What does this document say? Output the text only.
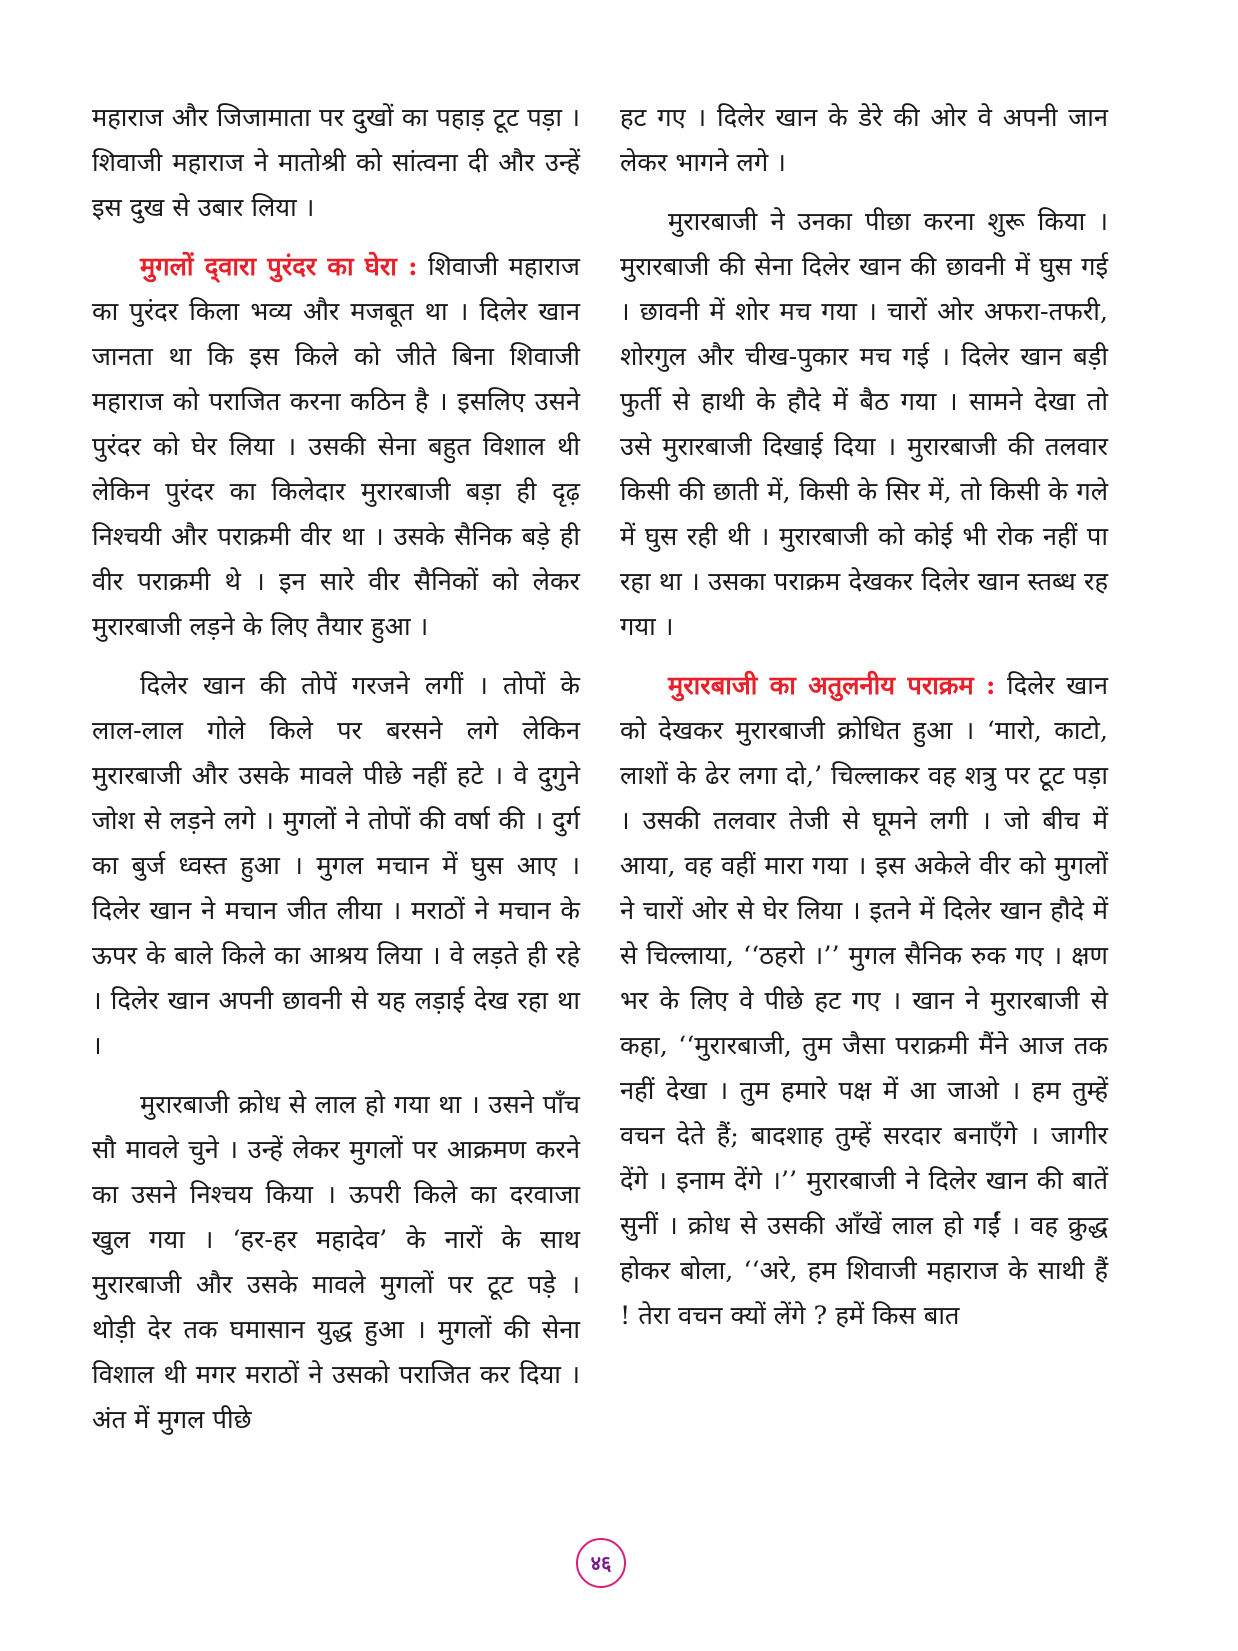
महाराज और जिजामाता पर दुखों का पहाड़ टूट पड़ा । शिवाजी महाराज ने मातोश्री को सांत्वना दी और उन्हें इस दुख से उबार लिया ।

मुगलों द्‌वारा पुरंदर का घेरा : शिवाजी महाराज का पुरंदर किला भव्य और मजबूत था । दिलेर खान जानता था कि इस किले को जीते बिना शिवाजी महाराज को पराजित करना कठिन है । इसलिए उसने पुरंदर को घेर लिया । उसकी सेना बहुत विशाल थी लेकिन पुरंदर का किलेदार मुरारबाजी बड़ा ही दृढ़ निश्चयी और पराक्रमी वीर था । उसके सैनिक बड़े ही वीर पराक्रमी थे । इन सारे वीर सैनिकों को लेकर मुरारबाजी लड़ने के लिए तैयार हुआ ।

दिलेर खान की तोपें गरजने लगीं । तोपों के लाल-लाल गोले किले पर बरसने लगे लेकिन मुरारबाजी और उसके मावले पीछे नहीं हटे । वे दुगुने जोश से लड़ने लगे । मुगलों ने तोपों की वर्षा की । दुर्ग का बुर्ज ध्वस्त हुआ । मुगल मचान में घुस आए । दिलेर खान ने मचान जीत लीया । मराठों ने मचान के ऊपर के बाले किले का आश्रय लिया । वे लड़ते ही रहे । दिलेर खान अपनी छावनी से यह लड़ाई देख रहा था ।

मुरारबाजी क्रोध से लाल हो गया था । उसने पाँच सौ मावले चुने । उन्हें लेकर मुगलों पर आक्रमण करने का उसने निश्चय किया । ऊपरी किले का दरवाजा खुल गया । ‘हर-हर महादेव’ के नारों के साथ मुरारबाजी और उसके मावले मुगलों पर टूट पड़े । थोड़ी देर तक घमासान युद्ध हुआ । मुगलों की सेना विशाल थी मगर मराठों ने उसको पराजित कर दिया । अंत में मुगल पीछे

हट गए । दिलेर खान के डेरे की ओर वे अपनी जान लेकर भागने लगे ।

मुरारबाजी ने उनका पीछा करना शुरू किया । मुरारबाजी की सेना दिलेर खान की छावनी में घुस गई । छावनी में शोर मच गया । चारों ओर अफरा-तफरी, शोरगुल और चीख-पुकार मच गई । दिलेर खान बड़ी फुर्ती से हाथी के हौदे में बैठ गया । सामने देखा तो उसे मुरारबाजी दिखाई दिया । मुरारबाजी की तलवार किसी की छाती में, किसी के सिर में, तो किसी के गले में घुस रही थी । मुरारबाजी को कोई भी रोक नहीं पा रहा था । उसका पराक्रम देखकर दिलेर खान स्तब्ध रह गया ।

मुरारबाजी का अतुलनीय पराक्रम : दिलेर खान को देखकर मुरारबाजी क्रोधित हुआ । ‘मारो, काटो, लाशों के ढेर लगा दो,’ चिल्लाकर वह शत्रु पर टूट पड़ा । उसकी तलवार तेजी से घूमने लगी । जो बीच में आया, वह वहीं मारा गया । इस अकेले वीर को मुगलों ने चारों ओर से घेर लिया । इतने में दिलेर खान हौदे में से चिल्लाया, ‘‘ठहरो ।’’ मुगल सैनिक रुक गए । क्षण भर के लिए वे पीछे हट गए । खान ने मुरारबाजी से कहा, ‘‘मुरारबाजी, तुम जैसा पराक्रमी मैंने आज तक नहीं देखा । तुम हमारे पक्ष में आ जाओ । हम तुम्हें वचन देते हैं; बादशाह तुम्हें सरदार बनाएँगे । जागीर देंगे । इनाम देंगे ।’’ मुरारबाजी ने दिलेर खान की बातें सुनीं । क्रोध से उसकी आँखें लाल हो गईं । वह क्रुद्ध होकर बोला, ‘‘अरे, हम शिवाजी महाराज के साथी हैं ! तेरा वचन क्यों लेंगे ? हमें किस बात

४६
